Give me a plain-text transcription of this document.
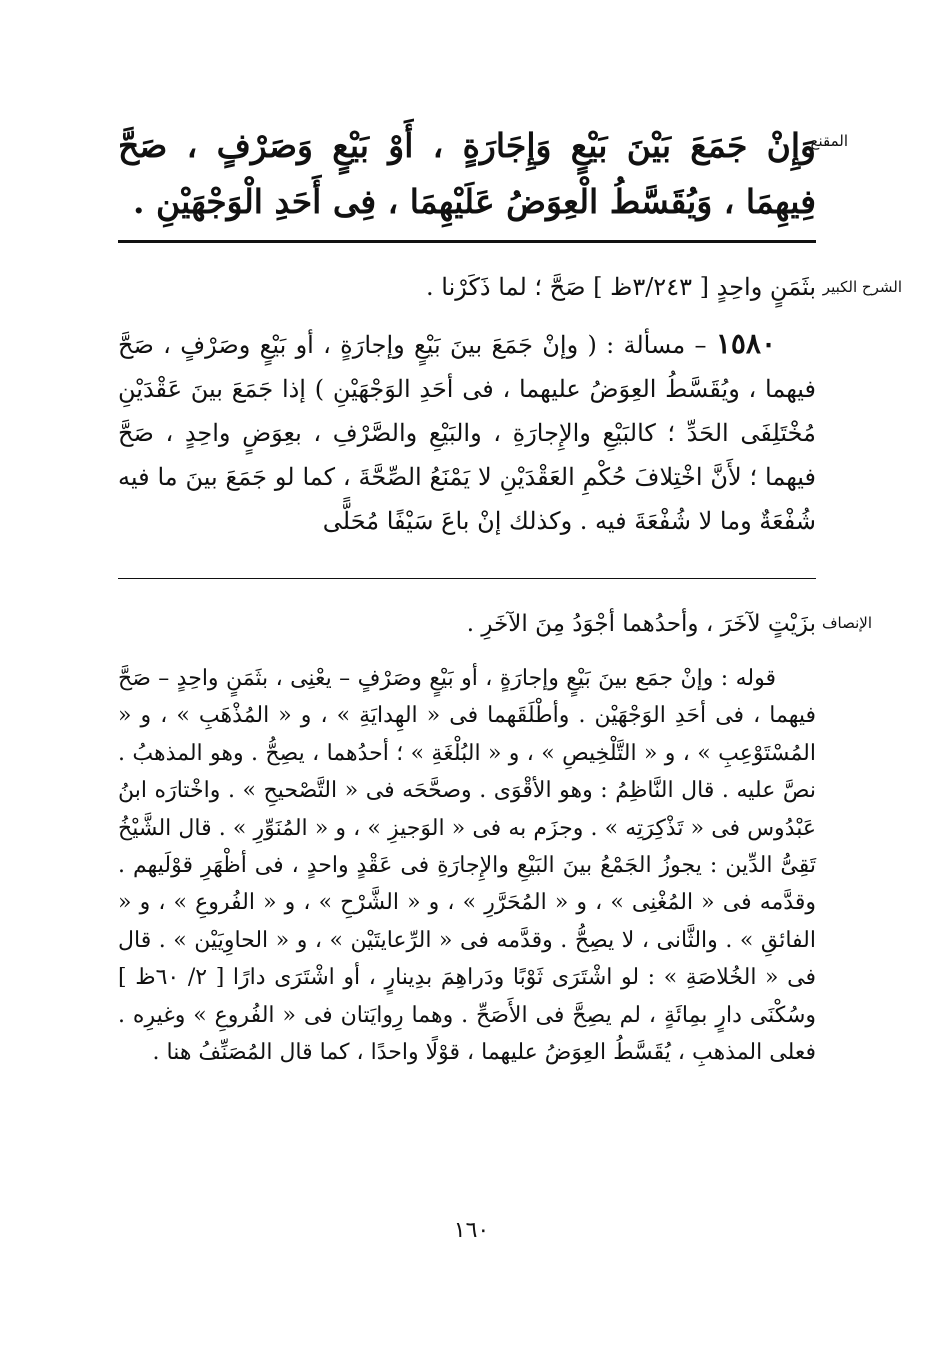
المقنع
وَإِنْ جَمَعَ بَيْنَ بَيْعٍ وَإِجَارَةٍ ، أَوْ بَيْعٍ وَصَرْفٍ ، صَحَّ فِيهِمَا ، وَيُقَسَّطُ الْعِوَضُ عَلَيْهِمَا ، فِى أَحَدِ الْوَجْهَيْنِ .
الشرح الكبير
بثَمَنٍ واحِدٍ [ ٣/٢٤٣ظ ] صَحَّ ؛ لما ذَكَرْنا .

١٥٨٠ – مسألة : ( وإنْ جَمَعَ بينَ بَيْعٍ وإجارَةٍ ، أو بَيْعٍ وصَرْفٍ ، صَحَّ فيهما ، ويُقَسَّطُ العِوَضُ عليهما ، فى أحَدِ الوَجْهَيْنِ ) إذا جَمَعَ بينَ عَقْدَيْنِ مُخْتَلِفَى الحَدِّ ؛ كالبَيْعِ والإِجارَةِ ، والبَيْعِ والصَّرْفِ ، بعِوَضٍ واحِدٍ ، صَحَّ فيهما ؛ لأَنَّ اخْتِلافَ حُكْمِ العَقْدَيْنِ لا يَمْنَعُ الصِّحَّةَ ، كما لو جَمَعَ بينَ ما فيه شُفْعَةٌ وما لا شُفْعَةَ فيه . وكذلك إنْ باعَ سَيْفًا مُحَلًّى

الإنصاف
بزَيْتٍ لآخَرَ ، وأحدُهما أجْوَدُ مِنَ الآخَرِ .

قوله : وإنْ جمَع بينَ بَيْعٍ وإجارَةٍ ، أو بَيْعٍ وصَرْفٍ – يعْنِى ، بثَمَنٍ واحِدٍ – صَحَّ فيهما ، فى أحَدِ الوَجْهَيْن . وأطْلَقَهما فى « الهِدايَةِ » ، و « المُذْهَبِ » ، و « المُسْتَوْعِبِ » ، و « التَّلْخِيصِ » ، و « البُلْغَةِ » ؛ أحدُهما ، يصِحُّ . وهو المذهبُ . نصَّ عليه . قال النَّاظِمُ : وهو الأقْوَى . وصحَّحَه فى « التَّصْحيحِ » . واخْتارَه ابنُ عَبْدُوس فى « تَذْكِرَتِه » . وجزَم به فى « الوَجيزِ » ، و « المُنَوِّرِ » . قال الشَّيْخُ تَقِىُّ الدِّين : يجوزُ الجَمْعُ بينَ البَيْعِ والإِجارَةِ فى عَقْدٍ واحدٍ ، فى أظْهَرِ قوْلَيهم . وقدَّمه فى « المُغْنِى » ، و « المُحَرَّرِ » ، و « الشَّرْحِ » ، و « الفُروعِ » ، و « الفائقِ » . والثَّانى ، لا يصِحُّ . وقدَّمه فى « الرِّعايتَيْن » ، و « الحاوِيَيْن » . قال فى « الخُلاصَةِ » : لو اشْتَرَى ثَوْبًا ودَراهِمَ بدِينارٍ ، أو اشْتَرَى دارًا [ ٢/ ٦٠ظ ] وسُكْنَى دارٍ بمِائَةٍ ، لم يصِحَّ فى الأَصَحِّ . وهما رِوايَتان فى « الفُروعِ » وغيرِه . فعلى المذهبِ ، يُقَسَّطُ العِوَضُ عليهما ، قوْلًا واحدًا ، كما قال المُصَنِّفُ هنا .

١٦٠
